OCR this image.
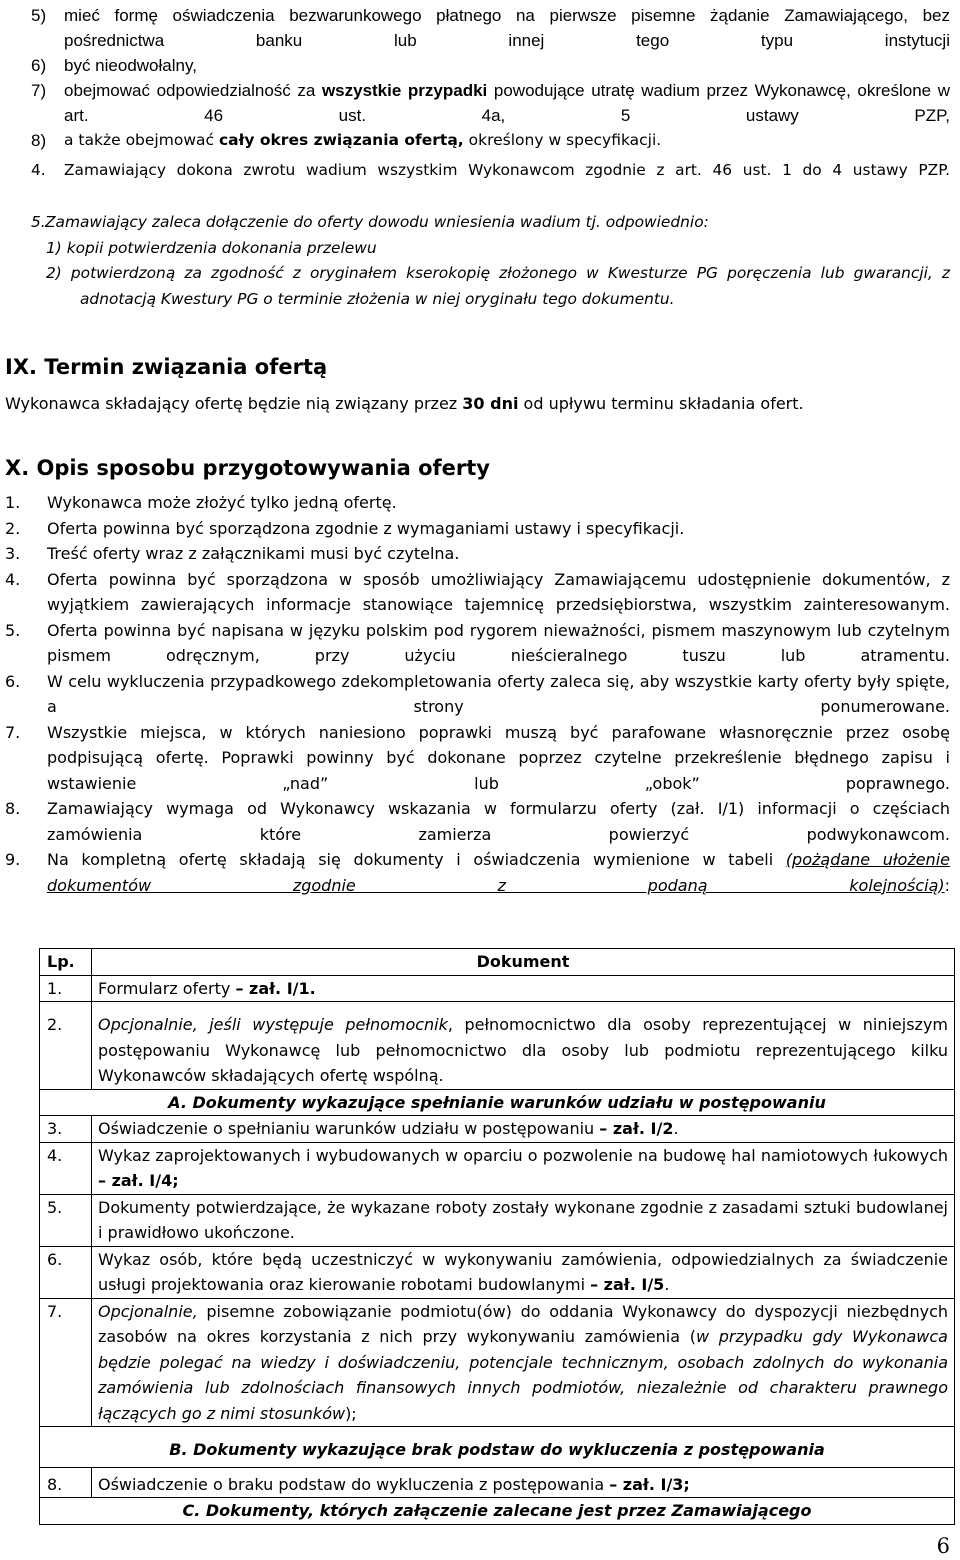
5) mieć formę oświadczenia bezwarunkowego płatnego na pierwsze pisemne żądanie Zamawiającego, bez pośrednictwa banku lub innej tego typu instytucji
6) być nieodwołalny,
7) obejmować odpowiedzialność za wszystkie przypadki powodujące utratę wadium przez Wykonawcę, określone w art. 46 ust. 4a, 5 ustawy PZP,
8) a także obejmować cały okres związania ofertą, określony w specyfikacji.
4. Zamawiający dokona zwrotu wadium wszystkim Wykonawcom zgodnie z art. 46 ust. 1 do 4 ustawy PZP.
5. Zamawiający zaleca dołączenie do oferty dowodu wniesienia wadium tj. odpowiednio:
1) kopii potwierdzenia dokonania przelewu
2) potwierdzoną za zgodność z oryginałem kserokopię złożonego w Kwesturze PG poręczenia lub gwarancji, z adnotacją Kwestury PG o terminie złożenia w niej oryginału tego dokumentu.
IX. Termin związania ofertą
Wykonawca składający ofertę będzie nią związany przez 30 dni od upływu terminu składania ofert.
X. Opis sposobu przygotowywania oferty
1. Wykonawca może złożyć tylko jedną ofertę.
2. Oferta powinna być sporządzona zgodnie z wymaganiami ustawy i specyfikacji.
3. Treść oferty wraz z załącznikami musi być czytelna.
4. Oferta powinna być sporządzona w sposób umożliwiający Zamawiającemu udostępnienie dokumentów, z wyjątkiem zawierających informacje stanowiące tajemnicę przedsiębiorstwa, wszystkim zainteresowanym.
5. Oferta powinna być napisana w języku polskim pod rygorem nieważności, pismem maszynowym lub czytelnym pismem odręcznym, przy użyciu nieścieralnego tuszu lub atramentu.
6. W celu wykluczenia przypadkowego zdekompletowania oferty zaleca się, aby wszystkie karty oferty były spięte, a strony ponumerowane.
7. Wszystkie miejsca, w których naniesiono poprawki muszą być parafowane własnoręcznie przez osobę podpisującą ofertę. Poprawki powinny być dokonane poprzez czytelne przekreślenie błędnego zapisu i wstawienie „nad” lub „obok” poprawnego.
8. Zamawiający wymaga od Wykonawcy wskazania w formularzu oferty (zał. I/1) informacji o częściach zamówienia które zamierza powierzyć podwykonawcom.
9. Na kompletną ofertę składają się dokumenty i oświadczenia wymienione w tabeli (pożądane ułożenie dokumentów zgodnie z podaną kolejnością):
Lp.	Dokument
1.	Formularz oferty – zał. I/1.
2.	Opcjonalnie, jeśli występuje pełnomocnik, pełnomocnictwo dla osoby reprezentującej w niniejszym postępowaniu Wykonawcę lub pełnomocnictwo dla osoby lub podmiotu reprezentującego kilku Wykonawców składających ofertę wspólną.
A. Dokumenty wykazujące spełnianie warunków udziału w postępowaniu	
3.	Oświadczenie o spełnianiu warunków udziału w postępowaniu – zał. I/2.
4.	Wykaz zaprojektowanych i wybudowanych w oparciu o pozwolenie na budowę hal namiotowych łukowych – zał. I/4;
5.	Dokumenty potwierdzające, że wykazane roboty zostały wykonane zgodnie z zasadami sztuki budowlanej i prawidłowo ukończone.
6.	Wykaz osób, które będą uczestniczyć w wykonywaniu zamówienia, odpowiedzialnych za świadczenie usługi projektowania oraz kierowanie robotami budowlanymi – zał. I/5.
7.	Opcjonalnie, pisemne zobowiązanie podmiotu(ów) do oddania Wykonawcy do dyspozycji niezbędnych zasobów na okres korzystania z nich przy wykonywaniu zamówienia (w przypadku gdy Wykonawca będzie polegać na wiedzy i doświadczeniu, potencjale technicznym, osobach zdolnych do wykonania zamówienia lub zdolnościach finansowych innych podmiotów, niezależnie od charakteru prawnego łączących go z nimi stosunków);
B. Dokumenty wykazujące brak podstaw do wykluczenia z postępowania	
8.	Oświadczenie o braku podstaw do wykluczenia z postępowania – zał. I/3;
C. Dokumenty, których załączenie zalecane jest przez Zamawiającego	
6
